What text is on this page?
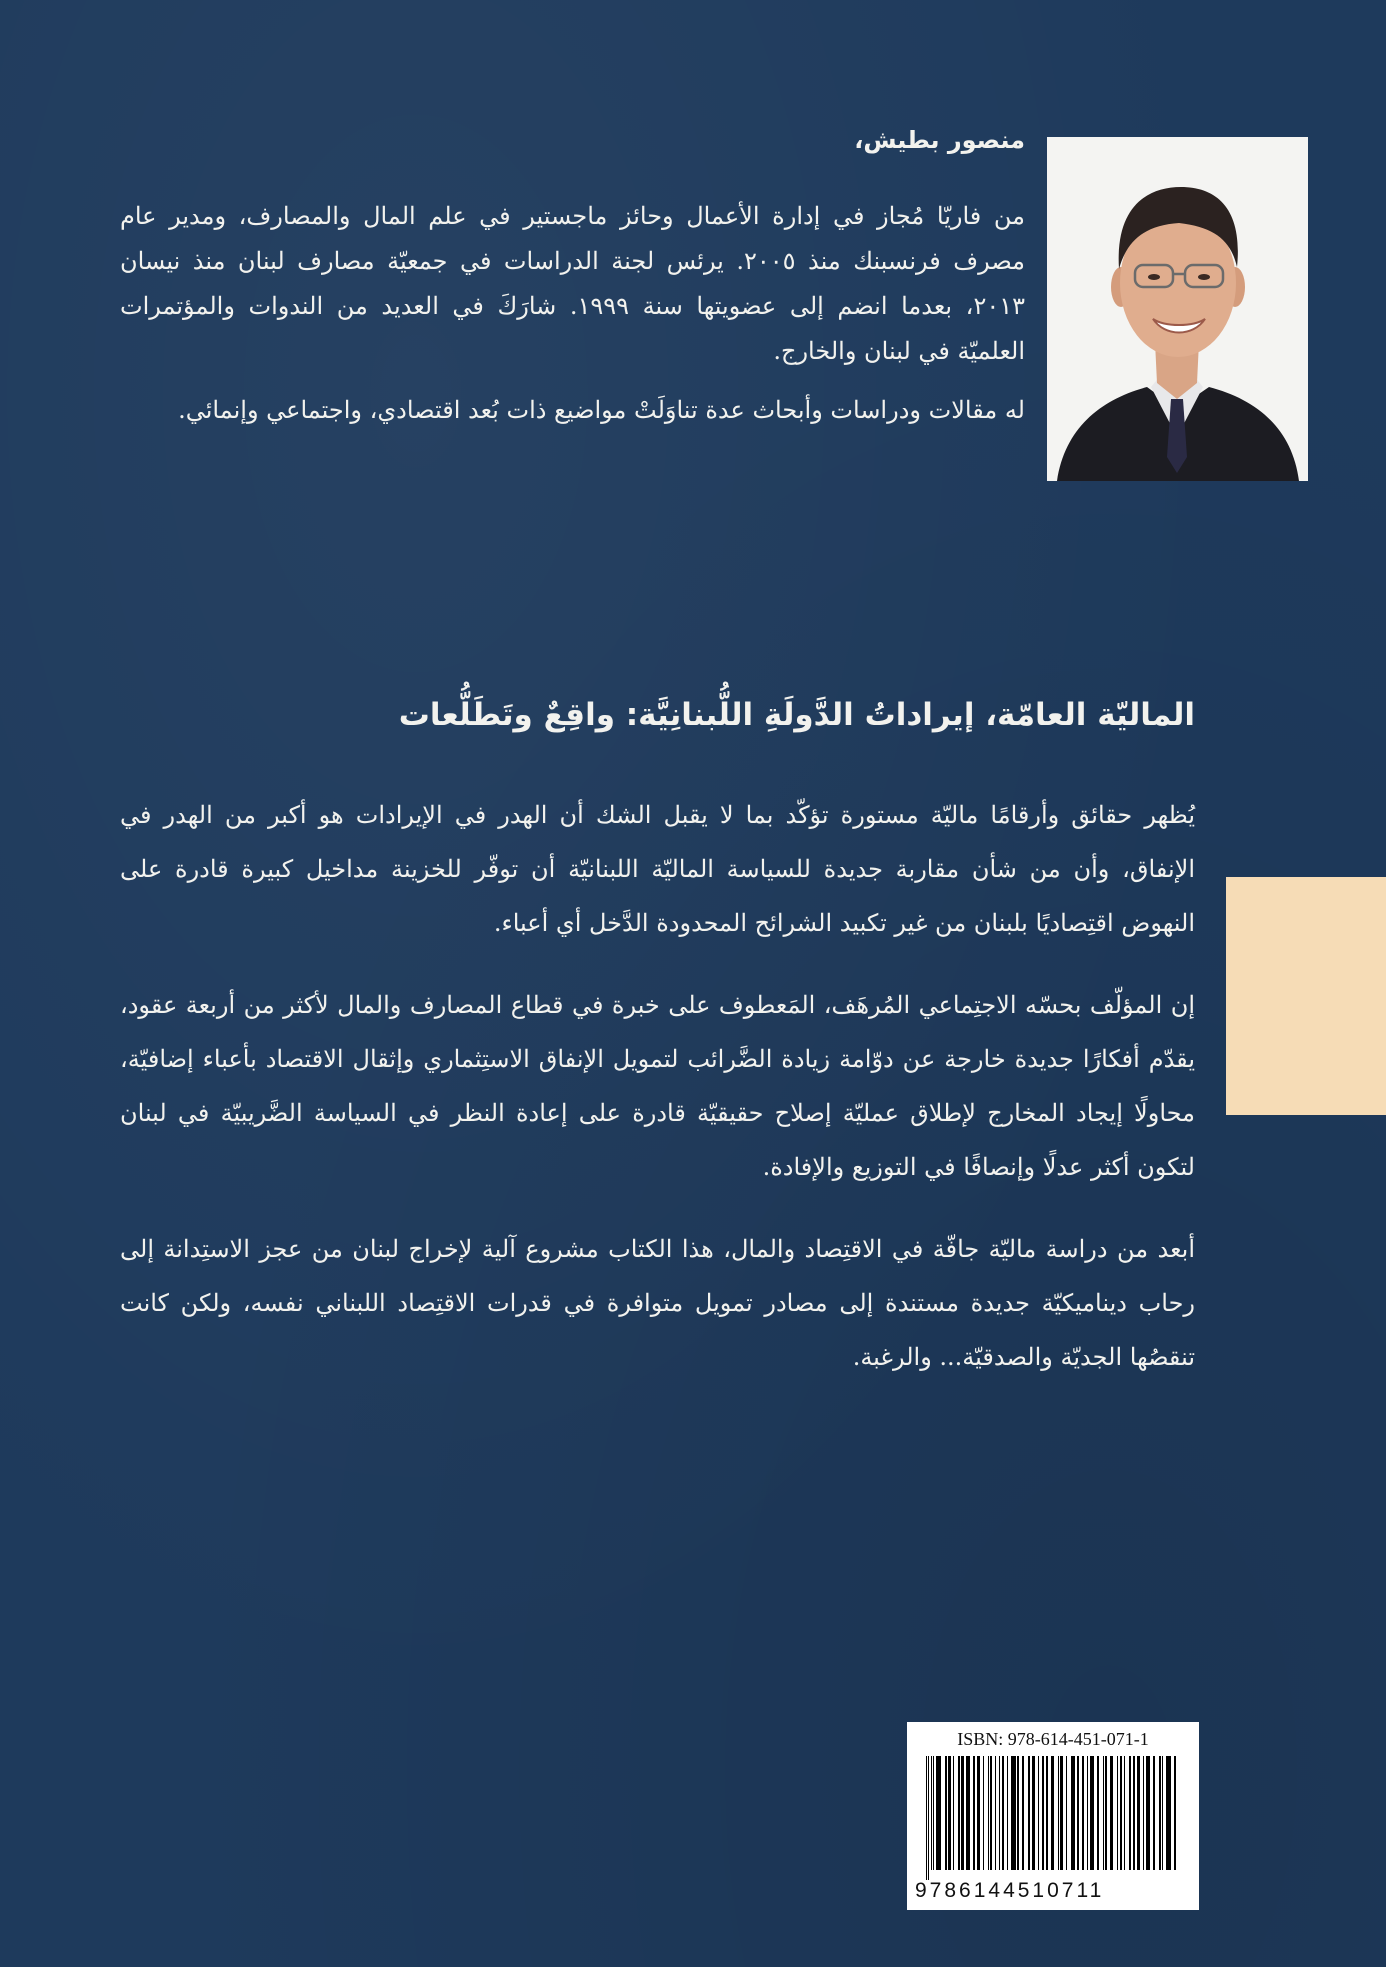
منصور بطيش،

من فاريّا مُجاز في إدارة الأعمال وحائز ماجستير في علم المال والمصارف، ومدير عام مصرف فرنسبنك منذ ٢٠٠٥. يرئس لجنة الدراسات في جمعيّة مصارف لبنان منذ نيسان ٢٠١٣، بعدما انضم إلى عضويتها سنة ١٩٩٩. شارَكَ في العديد من الندوات والمؤتمرات العلميّة في لبنان والخارج.

له مقالات ودراسات وأبحاث عدة تناوَلَتْ مواضيع ذات بُعد اقتصادي، واجتماعي وإنمائي.

الماليّة العامّة، إيراداتُ الدَّولَةِ اللُّبنانِيَّة: واقِعٌ وتَطَلُّعات

يُظهر حقائق وأرقامًا ماليّة مستورة تؤكّد بما لا يقبل الشك أن الهدر في الإيرادات هو أكبر من الهدر في الإنفاق، وأن من شأن مقاربة جديدة للسياسة الماليّة اللبنانيّة أن توفّر للخزينة مداخيل كبيرة قادرة على النهوض اقتِصاديًا بلبنان من غير تكبيد الشرائح المحدودة الدَّخل أي أعباء.

إن المؤلّف بحسّه الاجتِماعي المُرهَف، المَعطوف على خبرة في قطاع المصارف والمال لأكثر من أربعة عقود، يقدّم أفكارًا جديدة خارجة عن دوّامة زيادة الضَّرائب لتمويل الإنفاق الاستِثماري وإثقال الاقتصاد بأعباء إضافيّة، محاولًا إيجاد المخارج لإطلاق عمليّة إصلاح حقيقيّة قادرة على إعادة النظر في السياسة الضَّريبيّة في لبنان لتكون أكثر عدلًا وإنصافًا في التوزيع والإفادة.

أبعد من دراسة ماليّة جافّة في الاقتِصاد والمال، هذا الكتاب مشروع آلية لإخراج لبنان من عجز الاستِدانة إلى رحاب ديناميكيّة جديدة مستندة إلى مصادر تمويل متوافرة في قدرات الاقتِصاد اللبناني نفسه، ولكن كانت تنقصُها الجديّة والصدقيّة... والرغبة.

ISBN: 978-614-451-071-1
9786144510711
